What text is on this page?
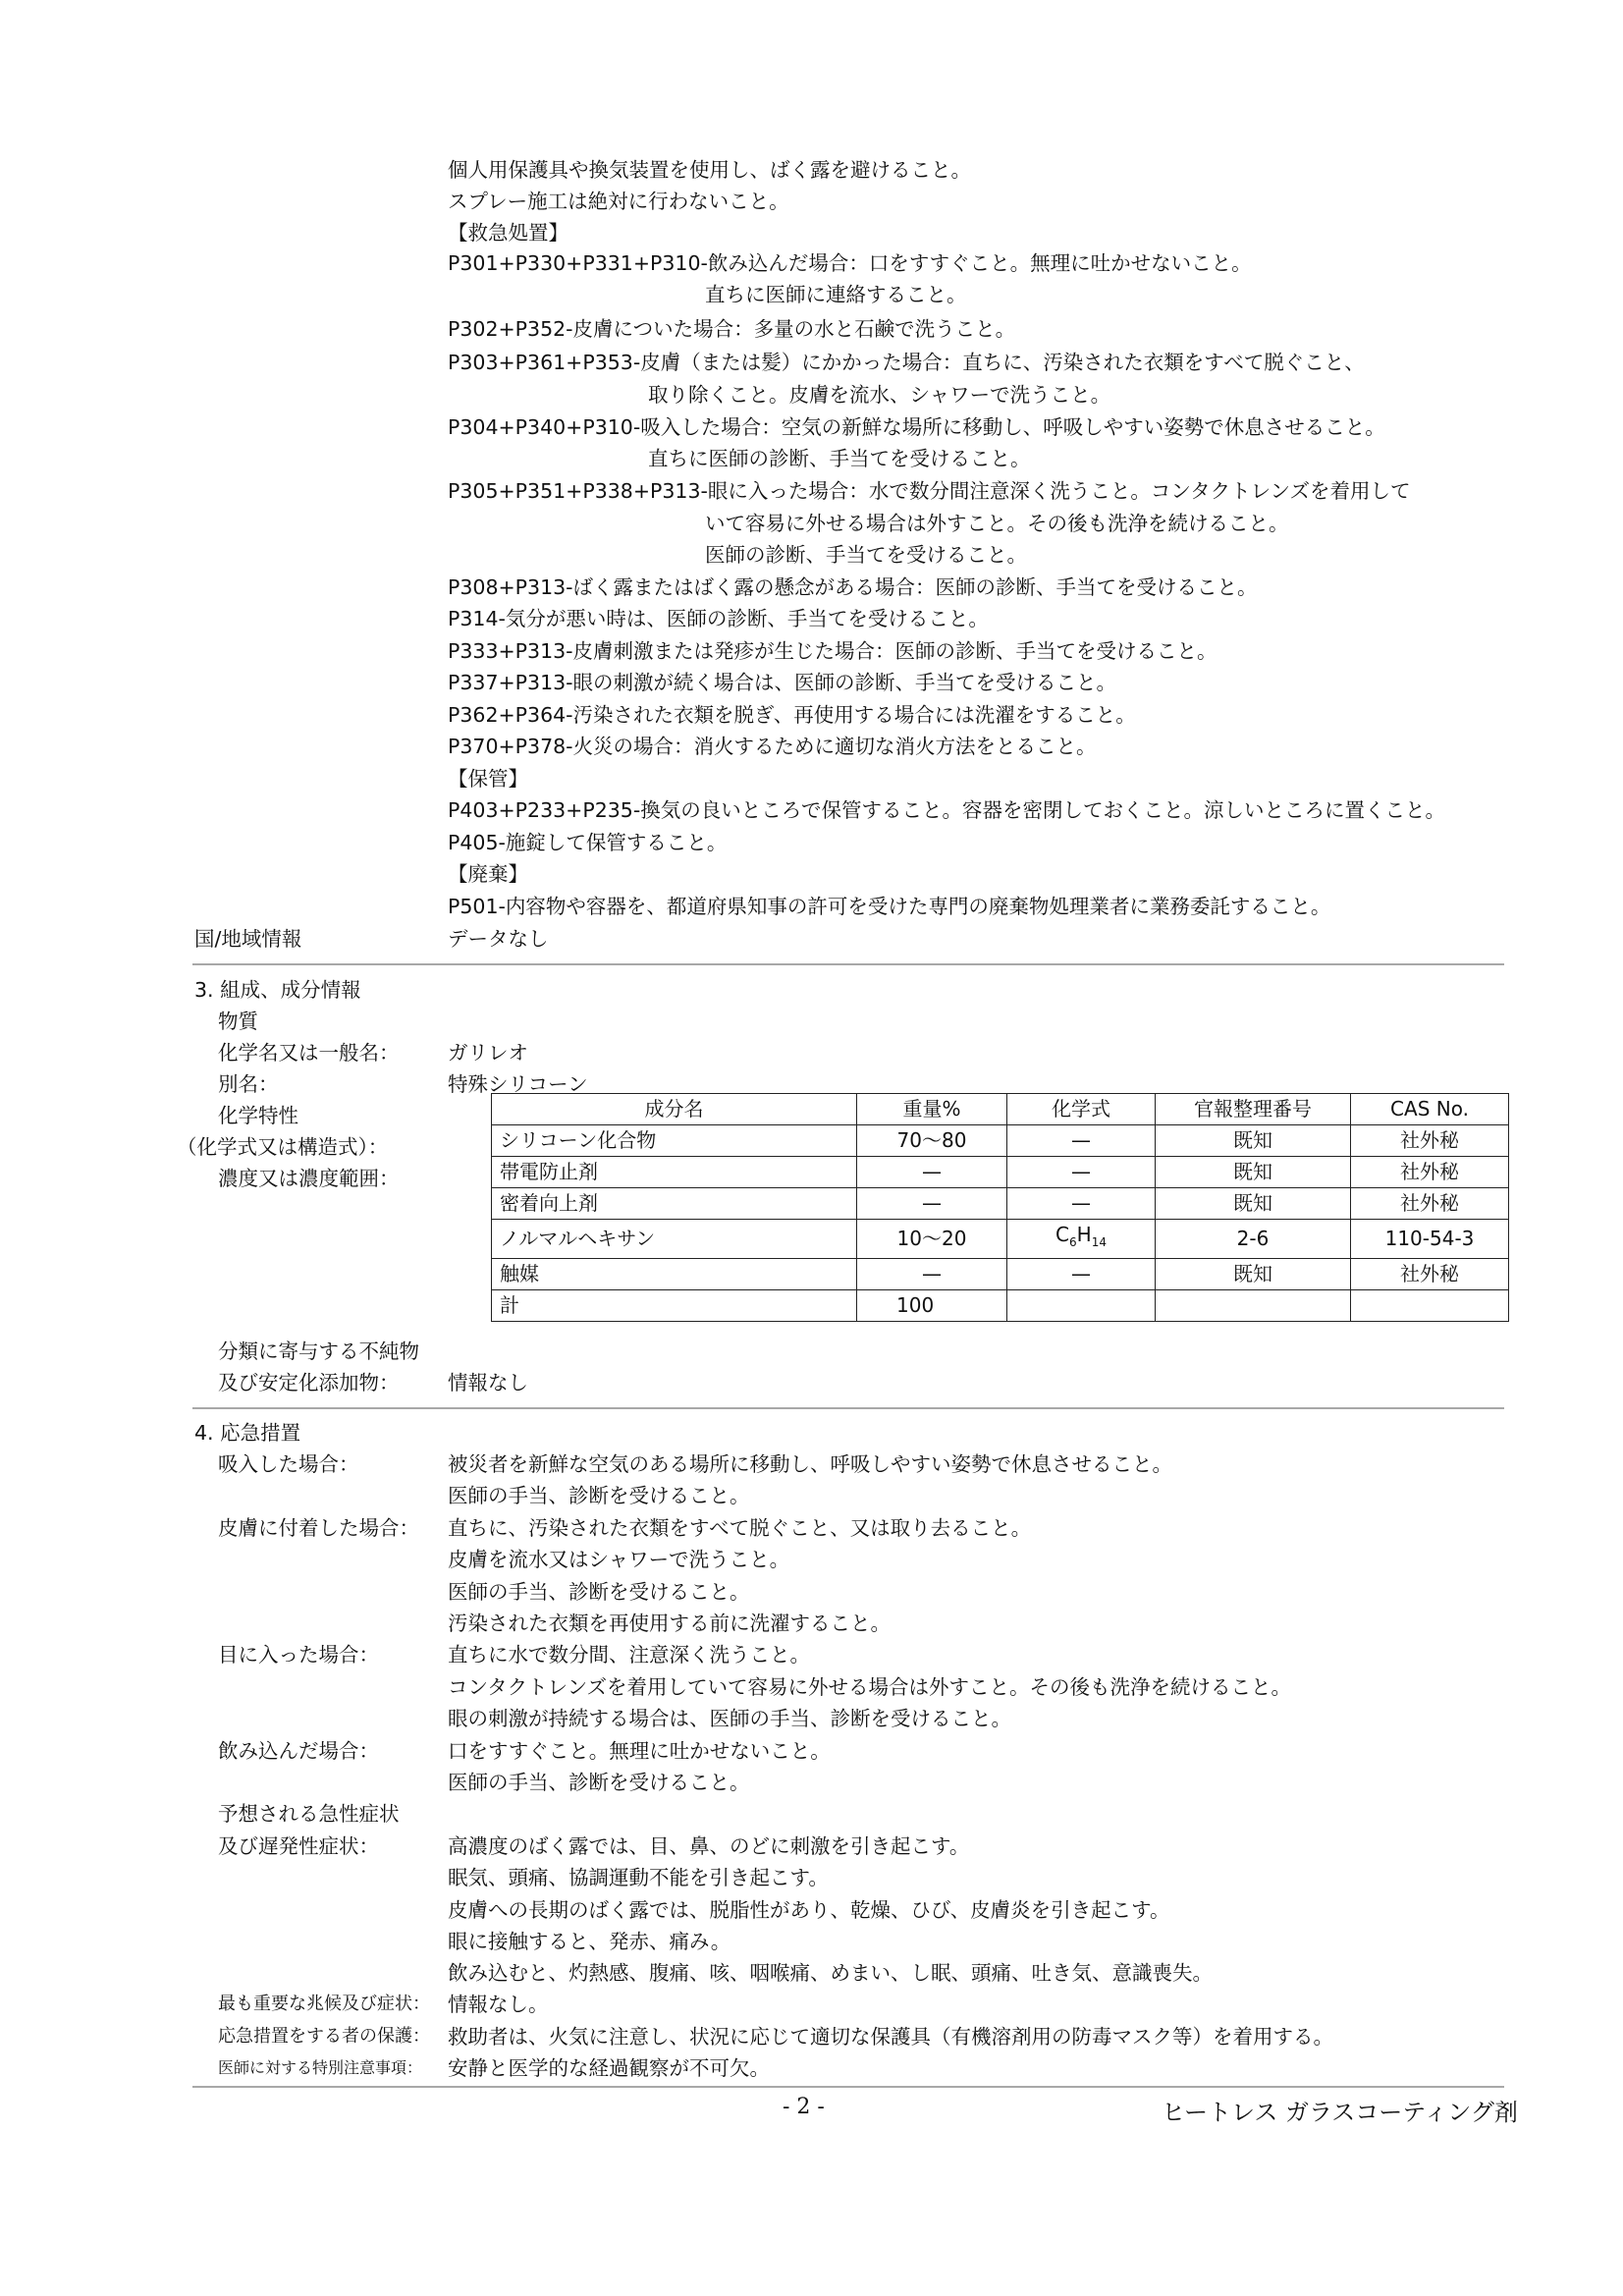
個人用保護具や換気装置を使用し、ばく露を避けること。
スプレー施工は絶対に行わないこと。
【救急処置】
P301+P330+P331+P310-飲み込んだ場合：口をすすぐこと。無理に吐かせないこと。
直ちに医師に連絡すること。
P302+P352-皮膚についた場合：多量の水と石鹸で洗うこと。
P303+P361+P353-皮膚（または髪）にかかった場合：直ちに、汚染された衣類をすべて脱ぐこと、
取り除くこと。皮膚を流水、シャワーで洗うこと。
P304+P340+P310-吸入した場合：空気の新鮮な場所に移動し、呼吸しやすい姿勢で休息させること。
直ちに医師の診断、手当てを受けること。
P305+P351+P338+P313-眼に入った場合：水で数分間注意深く洗うこと。コンタクトレンズを着用して
いて容易に外せる場合は外すこと。その後も洗浄を続けること。
医師の診断、手当てを受けること。
P308+P313-ばく露またはばく露の懸念がある場合：医師の診断、手当てを受けること。
P314-気分が悪い時は、医師の診断、手当てを受けること。
P333+P313-皮膚刺激または発疹が生じた場合：医師の診断、手当てを受けること。
P337+P313-眼の刺激が続く場合は、医師の診断、手当てを受けること。
P362+P364-汚染された衣類を脱ぎ、再使用する場合には洗濯をすること。
P370+P378-火災の場合：消火するために適切な消火方法をとること。
【保管】
P403+P233+P235-換気の良いところで保管すること。容器を密閉しておくこと。涼しいところに置くこと。
P405-施錠して保管すること。
【廃棄】
P501-内容物や容器を、都道府県知事の許可を受けた専門の廃棄物処理業者に業務委託すること。
国/地域情報	データなし
3. 組成、成分情報
物質
化学名又は一般名： ガリレオ
別名：	特殊シリコーン
化学特性
（化学式又は構造式）：
濃度又は濃度範囲：
成分名	重量%	化学式	官報整理番号	CAS No.
シリコーン化合物	70～80	—	既知	社外秘
帯電防止剤	—	—	既知	社外秘
密着向上剤	—	—	既知	社外秘
ノルマルヘキサン	10～20	$C_6H_{14}$	2-6	110-54-3
触媒	—	—	既知	社外秘
計	100			
分類に寄与する不純物
及び安定化添加物： 情報なし
4. 応急措置
吸入した場合：	被災者を新鮮な空気のある場所に移動し、呼吸しやすい姿勢で休息させること。
医師の手当、診断を受けること。
皮膚に付着した場合： 直ちに、汚染された衣類をすべて脱ぐこと、又は取り去ること。
皮膚を流水又はシャワーで洗うこと。
医師の手当、診断を受けること。
汚染された衣類を再使用する前に洗濯すること。
目に入った場合：	直ちに水で数分間、注意深く洗うこと。
コンタクトレンズを着用していて容易に外せる場合は外すこと。その後も洗浄を続けること。
眼の刺激が持続する場合は、医師の手当、診断を受けること。
飲み込んだ場合：	口をすすぐこと。無理に吐かせないこと。
医師の手当、診断を受けること。
予想される急性症状
及び遅発性症状：	高濃度のばく露では、目、鼻、のどに刺激を引き起こす。
眠気、頭痛、協調運動不能を引き起こす。
皮膚への長期のばく露では、脱脂性があり、乾燥、ひび、皮膚炎を引き起こす。
眼に接触すると、発赤、痛み。
飲み込むと、灼熱感、腹痛、咳、咽喉痛、めまい、し眠、頭痛、吐き気、意識喪失。
最も重要な兆候及び症状： 情報なし。
応急措置をする者の保護： 救助者は、火気に注意し、状況に応じて適切な保護具（有機溶剤用の防毒マスク等）を着用する。
医師に対する特別注意事項： 安静と医学的な経過観察が不可欠。
- 2 -	ヒートレス ガラスコーティング剤
